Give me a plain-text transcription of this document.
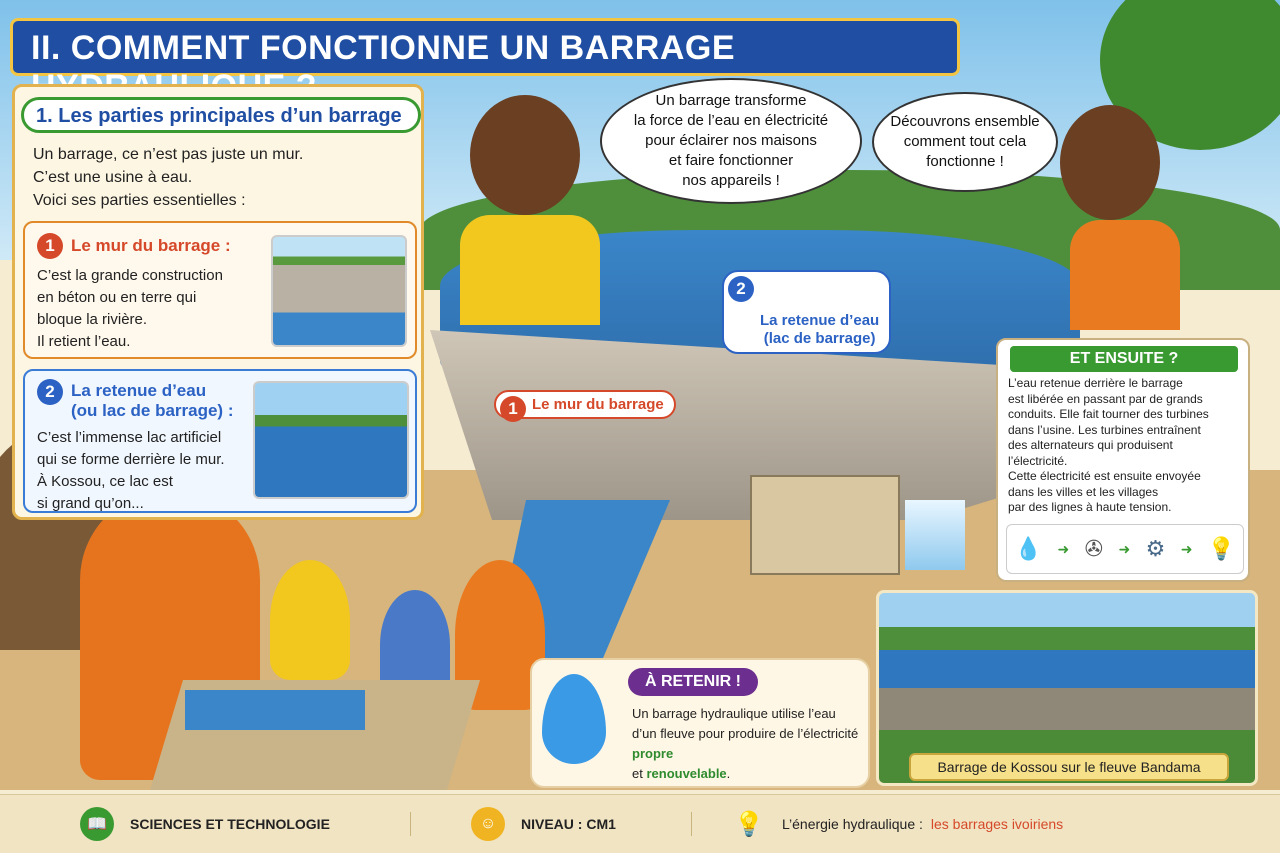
II. COMMENT FONCTIONNE UN BARRAGE
1. Les parties principales d’un barrage
Un barrage, ce n’est pas juste un mur.
C’est une usine à eau.
Voici ses parties essentielles :
1 Le mur du barrage :
C’est la grande construction
en béton ou en terre qui
bloque la rivière.
Il retient l’eau.
2 La retenue d’eau
(ou lac de barrage) :
C’est l’immense lac artificiel
qui se forme derrière le mur.
À Kossou, ce lac est
si grand qu’on...
Un barrage transforme
la force de l’eau en électricité
pour éclairer nos maisons
et faire fonctionner
nos appareils !
Découvrons ensemble
comment tout cela
fonctionne !
1 Le mur du barrage

2

La retenue d’eau
(lac de barrage)

ET ENSUITE ?
L’eau retenue derrière le barrage
est libérée en passant par de grands
conduits. Elle fait tourner des turbines
dans l’usine. Les turbines entraînent
des alternateurs qui produisent
l’électricité.
Cette électricité est ensuite envoyée
dans les villes et les villages
par des lignes à haute tension.
💧 ➜ ✇ ➜ ⚙ ➜ 💡
Barrage de Kossou sur le fleuve Bandama
À RETENIR !
Un barrage hydraulique utilise l’eau
d’un fleuve pour produire de l’électricité propre
et renouvelable.
📖	SCIENCES ET TECHNOLOGIE	☺	NIVEAU : CM1	💡 L’énergie hydraulique : les barrages ivoiriens
